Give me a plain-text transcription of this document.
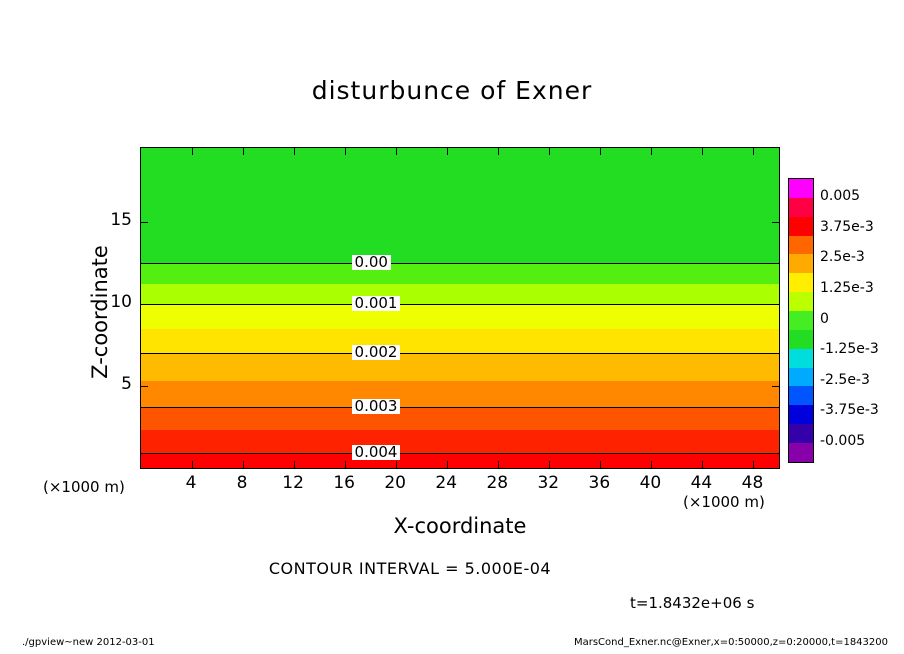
disturbunce of Exner
0.00
0.001
0.002
0.003
0.004
Z-coordinate
X-coordinate
(×1000 m)
(×1000 m)
CONTOUR INTERVAL = 5.000E-04
t=1.8432e+06 s
./gpview~new 2012-03-01	MarsCond_Exner.nc@Exner,x=0:50000,z=0:20000,t=1843200
4	8	12	16	20	24	28	32	36	40	44	48
5
10
15
0.005
3.75e-3
2.5e-3
1.25e-3
0
-1.25e-3
-2.5e-3
-3.75e-3
-0.005
